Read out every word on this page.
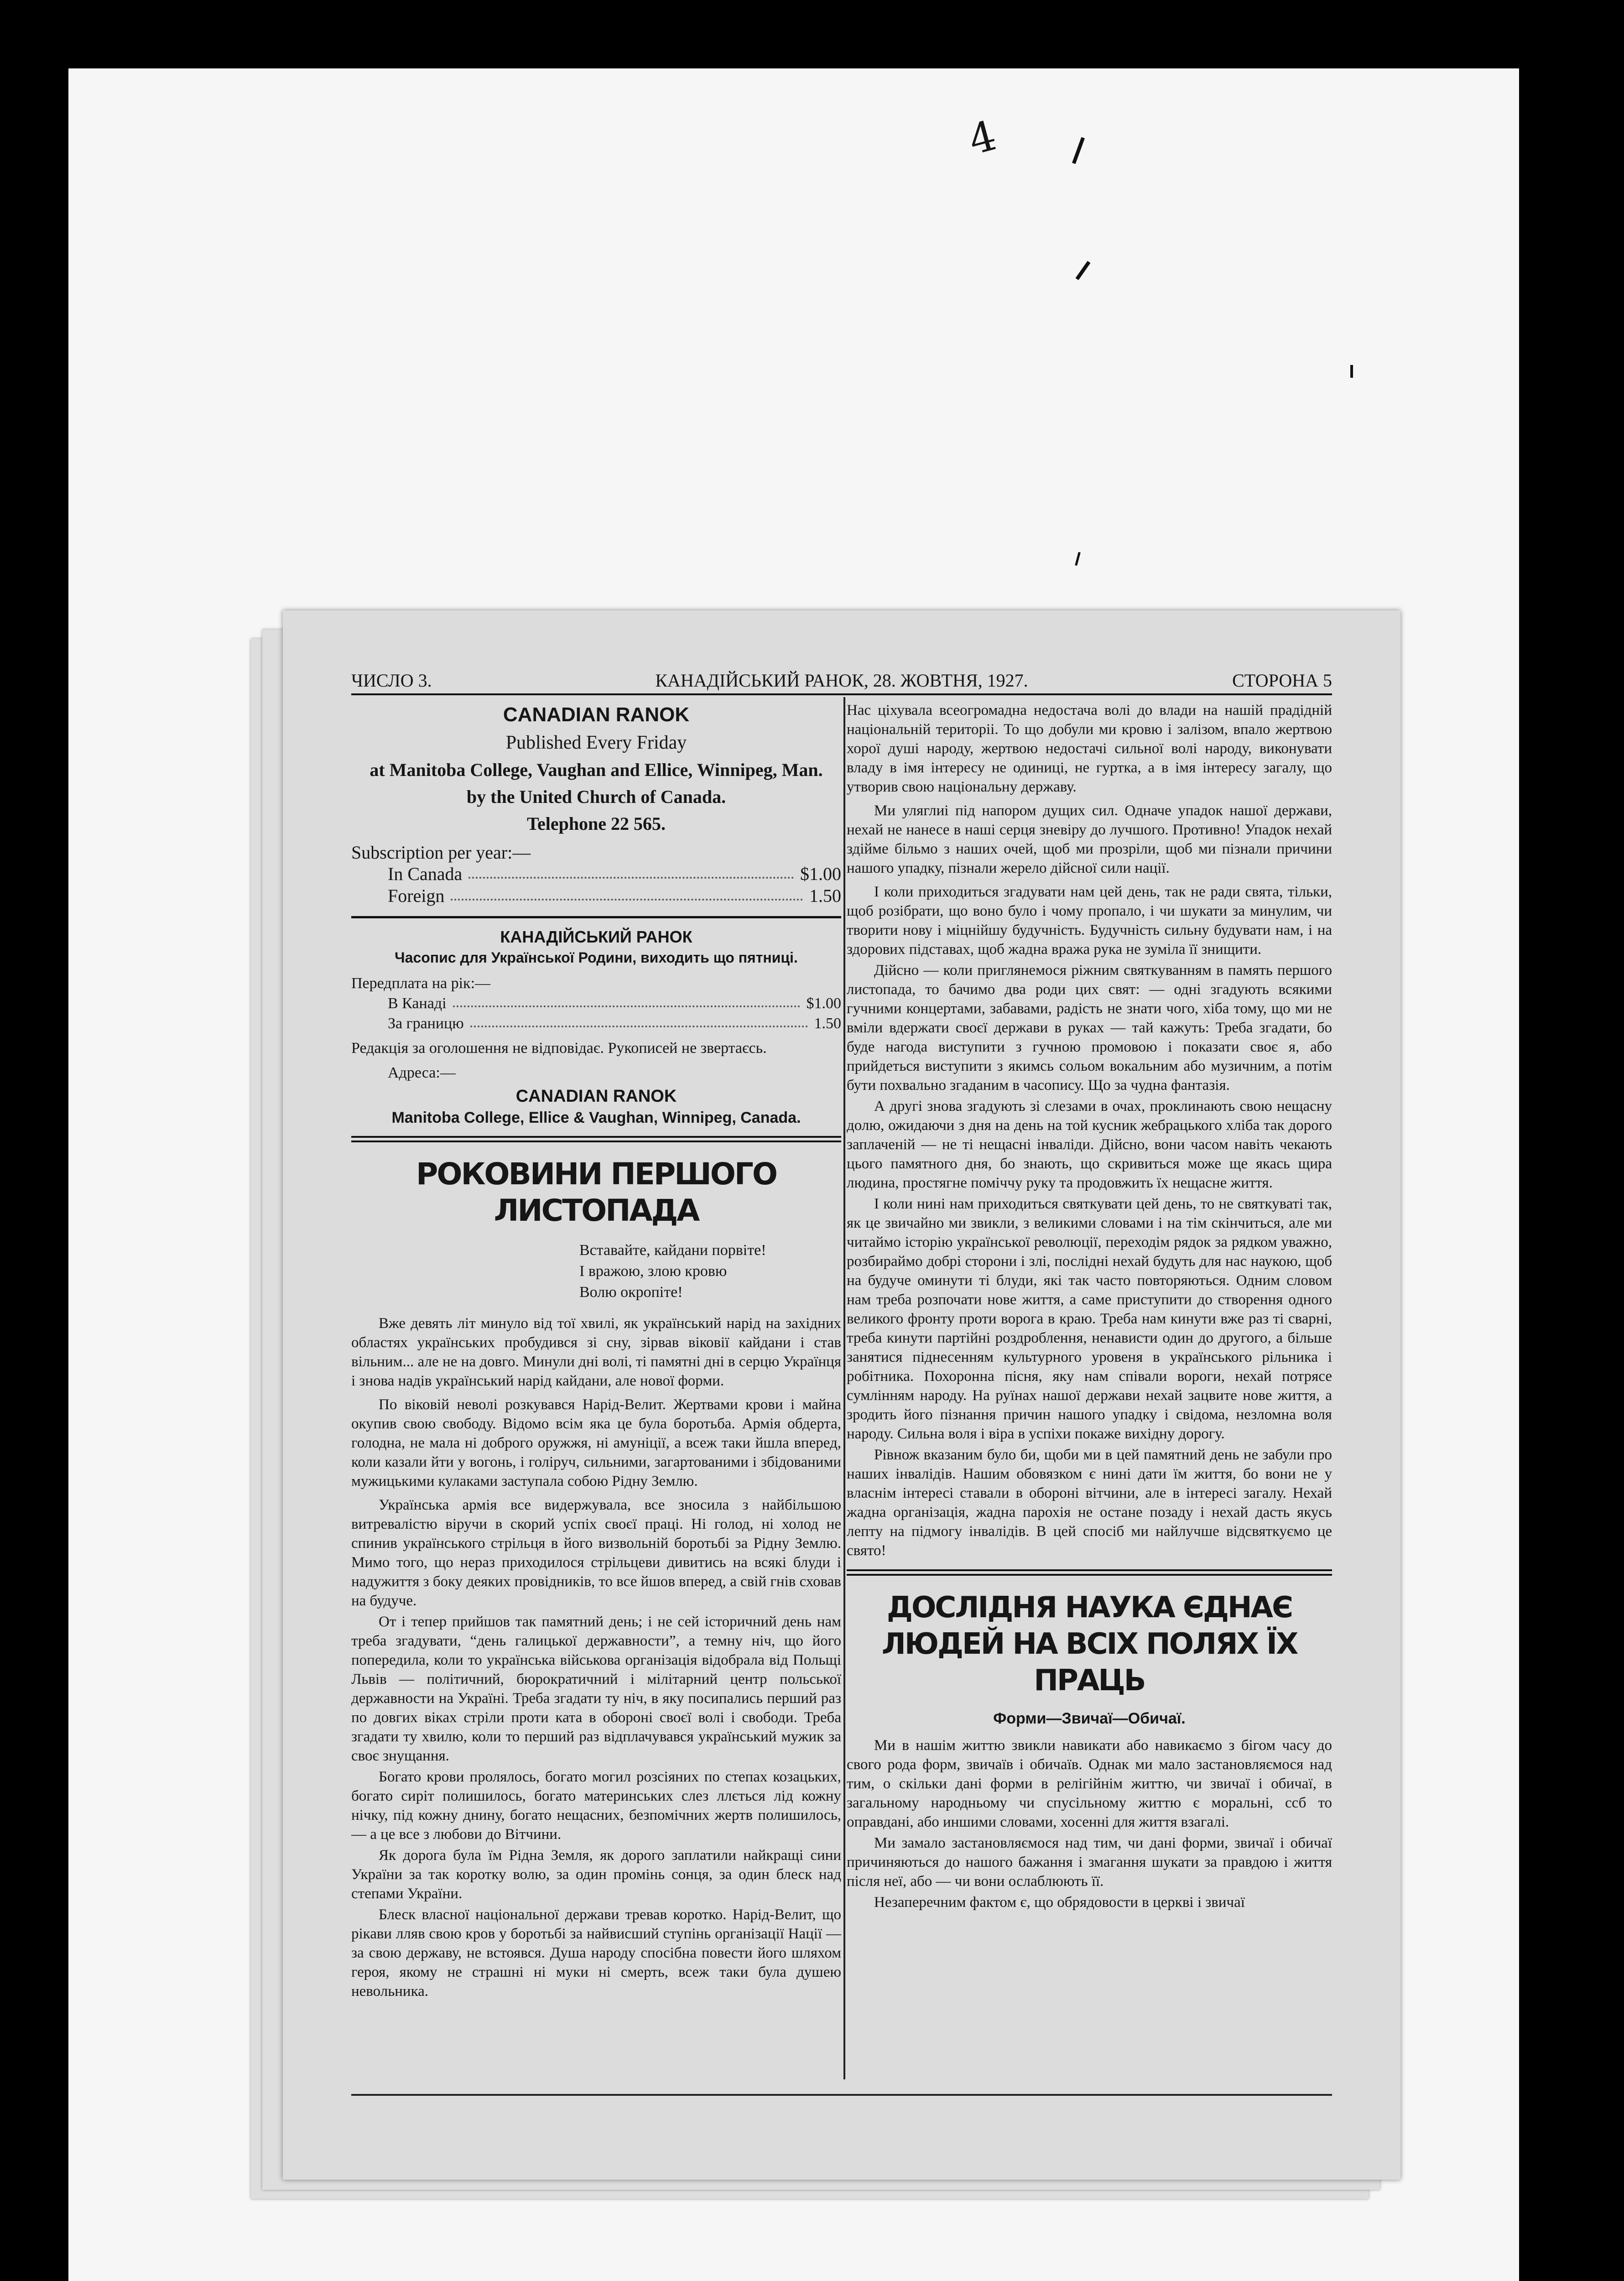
4
ЧИСЛО 3.	КАНАДІЙСЬКИЙ РАНОК, 28. ЖОВТНЯ, 1927.	СТОРОНА 5
CANADIAN RANOK
Published Every Friday
at Manitoba College, Vaughan and Ellice, Winnipeg, Man.
by the United Church of Canada.
Telephone 22 565.
Subscription per year:—
In Canada	$1.00
Foreign	1.50
КАНАДІЙСЬКИЙ РАНОК
Часопис для Української Родини, виходить що пятниці.
Передплата на рік:—
В Канаді	$1.00
За границю	1.50
Редакція за оголошення не відповідає. Рукописей не звертаєсь.
Адреса:—
CANADIAN RANOK
Manitoba College, Ellice & Vaughan, Winnipeg, Canada.
РОКОВИНИ ПЕРШОГО ЛИСТОПАДА
Вставайте, кайдани порвіте!
І вражою, злою кровю
Волю окропіте!

Вже девять літ минуло від тої хвилі, як український нарід на західних областях українських пробудився зі сну, зірвав віковії кайдани і став вільним... але не на довго. Минули дні волі, ті памятні дні в серцю Українця і знова надів український нарід кайдани, але нової форми.

По віковій неволі розкувався Нарід-Велит. Жертвами крови і майна окупив свою свободу. Відомо всім яка це була боротьба. Армія обдерта, голодна, не мала ні доброго оружжя, ні амуніції, а всеж таки йшла вперед, коли казали йти у вогонь, і голіруч, сильними, загартованими і збідованими мужицькими кулаками заступала собою Рідну Землю.

Українська армія все видержувала, все зносила з найбільшою витревалістю віручи в скорий успіх своєї праці. Ні голод, ні холод не спинив українського стрільця в його визвольній боротьбі за Рідну Землю. Мимо того, що нераз приходилося стрільцеви дивитись на всякі блуди і надужиття з боку деяких провідників, то все йшов вперед, а свій гнів сховав на будуче.

От і тепер прийшов так памятний день; і не сей історичний день нам треба згадувати, “день галицької державности”, а темну ніч, що його попередила, коли то українська військова організація відобрала від Польщі Львів — політичний, бюрократичний і мілітарний центр польської державности на Україні. Треба згадати ту ніч, в яку посипались перший раз по довгих віках стріли проти ката в обороні своєї волі і свободи. Треба згадати ту хвилю, коли то перший раз відплачувався український мужик за своє знущання.

Богато крови пролялось, богато могил розсіяних по степах козацьких, богато сиріт полишилось, богато материнських слез ллється лід кожну нічку, під кожну днину, богато нещасних, безпомічних жертв полишилось, — а це все з любови до Вітчини.

Як дорога була їм Рідна Земля, як дорого заплатили найкращі сини України за так коротку волю, за один промінь сонця, за один блеск над степами України.

Блеск власної національної держави тревав коротко. Нарід-Велит, що рікави лляв свою кров у боротьбі за найвисший ступінь організації Нації — за свою державу, не встоявся. Душа народу спосібна повести його шляхом героя, якому не страшні ні муки ні смерть, всеж таки була душею невольника.

Нас ціхувала всеогромадна недостача волі до влади на нашій прадідній національній територіі. То що добули ми кровю і залізом, впало жертвою хорої душі народу, жертвою недостачі сильної волі народу, виконувати владу в імя інтересу не одиниці, не гуртка, а в імя інтересу загалу, що утворив свою національну державу.

Ми уляглиі під напором дущих сил. Одначе упадок нашої держави, нехай не нанесе в наші серця зневіру до лучшого. Противно! Упадок нехай здійме більмо з наших очей, щоб ми прозріли, щоб ми пізнали причини нашого упадку, пізнали жерело дійсної сили нації.

І коли приходиться згадувати нам цей день, так не ради свята, тільки, щоб розібрати, що воно було і чому пропало, і чи шукати за минулим, чи творити нову і міцнійшу будучність. Будучність сильну будувати нам, і на здорових підставах, щоб жадна вража рука не зуміла її знищити.

Дійсно — коли приглянемося ріжним святкуванням в память першого листопада, то бачимо два роди цих свят: — одні згадують всякими гучними концертами, забавами, радість не знати чого, хіба тому, що ми не вміли вдержати своєї держави в руках — тай кажуть: Треба згадати, бо буде нагода виступити з гучною промовою і показати своє я, або прийдеться виступити з якимсь сольом вокальним або музичним, а потім бути похвально згаданим в часопису. Що за чудна фантазія.

А другі знова згадують зі слезами в очах, проклинають свою нещасну долю, ожидаючи з дня на день на той кусник жебрацького хліба так дорого заплаченій — не ті нещасні інваліди. Дійсно, вони часом навіть чекають цього памятного дня, бо знають, що скривиться може ще якась щира людина, простягне поміччу руку та продовжить їх нещасне життя.

І коли нині нам приходиться святкувати цей день, то не святкуваті так, як це звичайно ми звикли, з великими словами і на тім скінчиться, але ми читаймо історію української революції, переходім рядок за рядком уважно, розбираймо добрі сторони і злі, послідні нехай будуть для нас наукою, щоб на будуче оминути ті блуди, які так часто повторяються. Одним словом нам треба розпочати нове життя, а саме приступити до створення одного великого фронту проти ворога в краю. Треба нам кинути вже раз ті сварні, треба кинути партійні роздроблення, ненависти один до другого, а більше занятися піднесенням культурного уровеня в українського рільника і робітника. Похоронна пісня, яку нам співали вороги, нехай потрясе сумлінням народу. На руїнах нашої держави нехай зацвите нове життя, а зродить його пізнання причин нашого упадку і свідома, незломна воля народу. Сильна воля і віра в успіхи покаже вихідну дорогу.

Рівнож вказаним було би, щоби ми в цей памятний день не забули про наших інвалідів. Нашим обовязком є нині дати їм життя, бо вони не у власнім інтересі ставали в обороні вітчини, але в інтересі загалу. Нехай жадна організація, жадна парохія не остане позаду і нехай дасть якусь лепту на підмогу інвалідів. В цей спосіб ми найлучше відсвяткуємо це свято!

ДОСЛІДНЯ НАУКА ЄДНАЄ ЛЮДЕЙ НА ВСІХ ПОЛЯХ ЇХ ПРАЦЬ
Форми—Звичаї—Обичаї.

Ми в нашім життю звикли навикати або навикаємо з бігом часу до свого рода форм, звичаїв і обичаїв. Однак ми мало застановляємося над тим, о скільки дані форми в релігійнім життю, чи звичаї і обичаї, в загальному народньому чи спусільному життю є моральні, ссб то оправдані, або иншими словами, хосенні для життя взагалі.

Ми замало застановляємося над тим, чи дані форми, звичаї і обичаї причиняються до нашого бажання і змагання шукати за правдою і життя після неї, або — чи вони ослаблюють її.

Незаперечним фактом є, що обрядовости в церкві і звичаї
